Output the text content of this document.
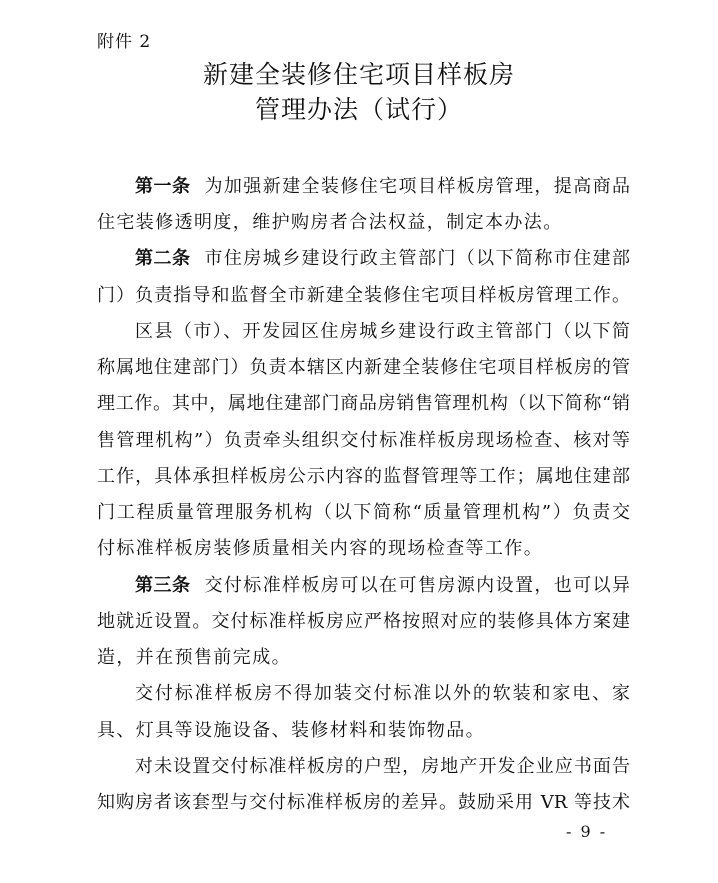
附件 2
新建全装修住宅项目样板房
管理办法（试行）
第一条 为加强新建全装修住宅项目样板房管理，提高商品
住宅装修透明度，维护购房者合法权益，制定本办法。
第二条 市住房城乡建设行政主管部门（以下简称市住建部
门）负责指导和监督全市新建全装修住宅项目样板房管理工作。
区县（市）、开发园区住房城乡建设行政主管部门（以下简
称属地住建部门）负责本辖区内新建全装修住宅项目样板房的管
理工作。其中，属地住建部门商品房销售管理机构（以下简称“销
售管理机构”）负责牵头组织交付标准样板房现场检查、核对等
工作，具体承担样板房公示内容的监督管理等工作；属地住建部
门工程质量管理服务机构（以下简称“质量管理机构”）负责交
付标准样板房装修质量相关内容的现场检查等工作。
第三条 交付标准样板房可以在可售房源内设置，也可以异
地就近设置。交付标准样板房应严格按照对应的装修具体方案建
造，并在预售前完成。
交付标准样板房不得加装交付标准以外的软装和家电、家
具、灯具等设施设备、装修材料和装饰物品。
对未设置交付标准样板房的户型，房地产开发企业应书面告
知购房者该套型与交付标准样板房的差异。鼓励采用 VR 等技术
- 9 -
